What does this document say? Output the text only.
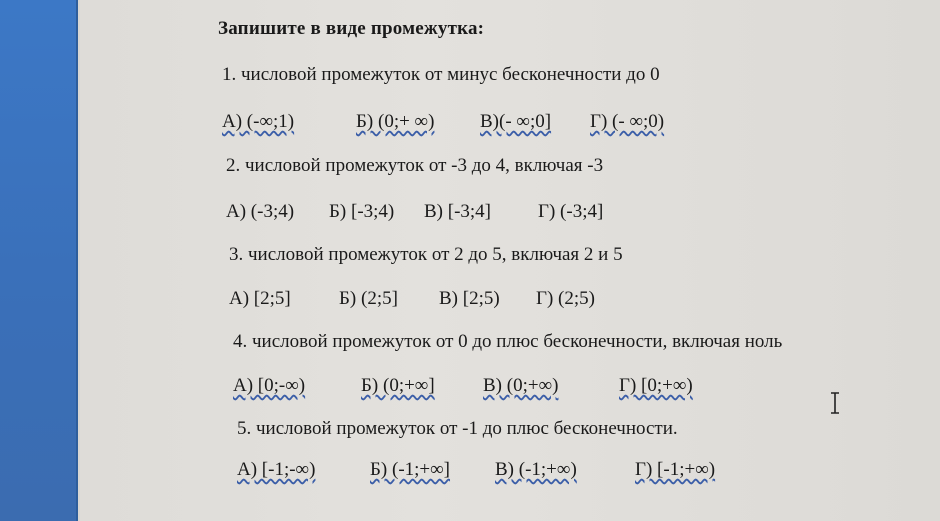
Запишите в виде промежутка:
1. числовой промежуток от минус бесконечности до 0
А) (-∞;1)	Б) (0;+ ∞) В)(- ∞;0] Г) (- ∞;0)
2. числовой промежуток от -3 до 4, включая -3
А) (-3;4) Б) [-3;4) В) [-3;4] Г) (-3;4]
3. числовой промежуток от 2 до 5, включая 2 и 5
А) [2;5]	Б) (2;5] В) [2;5) Г) (2;5)
4. числовой промежуток от 0 до плюс бесконечности, включая ноль
А) [0;-∞)	Б) (0;+∞]	В) (0;+∞)	Г) [0;+∞)
5. числовой промежуток от -1 до плюс бесконечности.
А) [-1;-∞)	Б) (-1;+∞] В) (-1;+∞)	Г) [-1;+∞)
